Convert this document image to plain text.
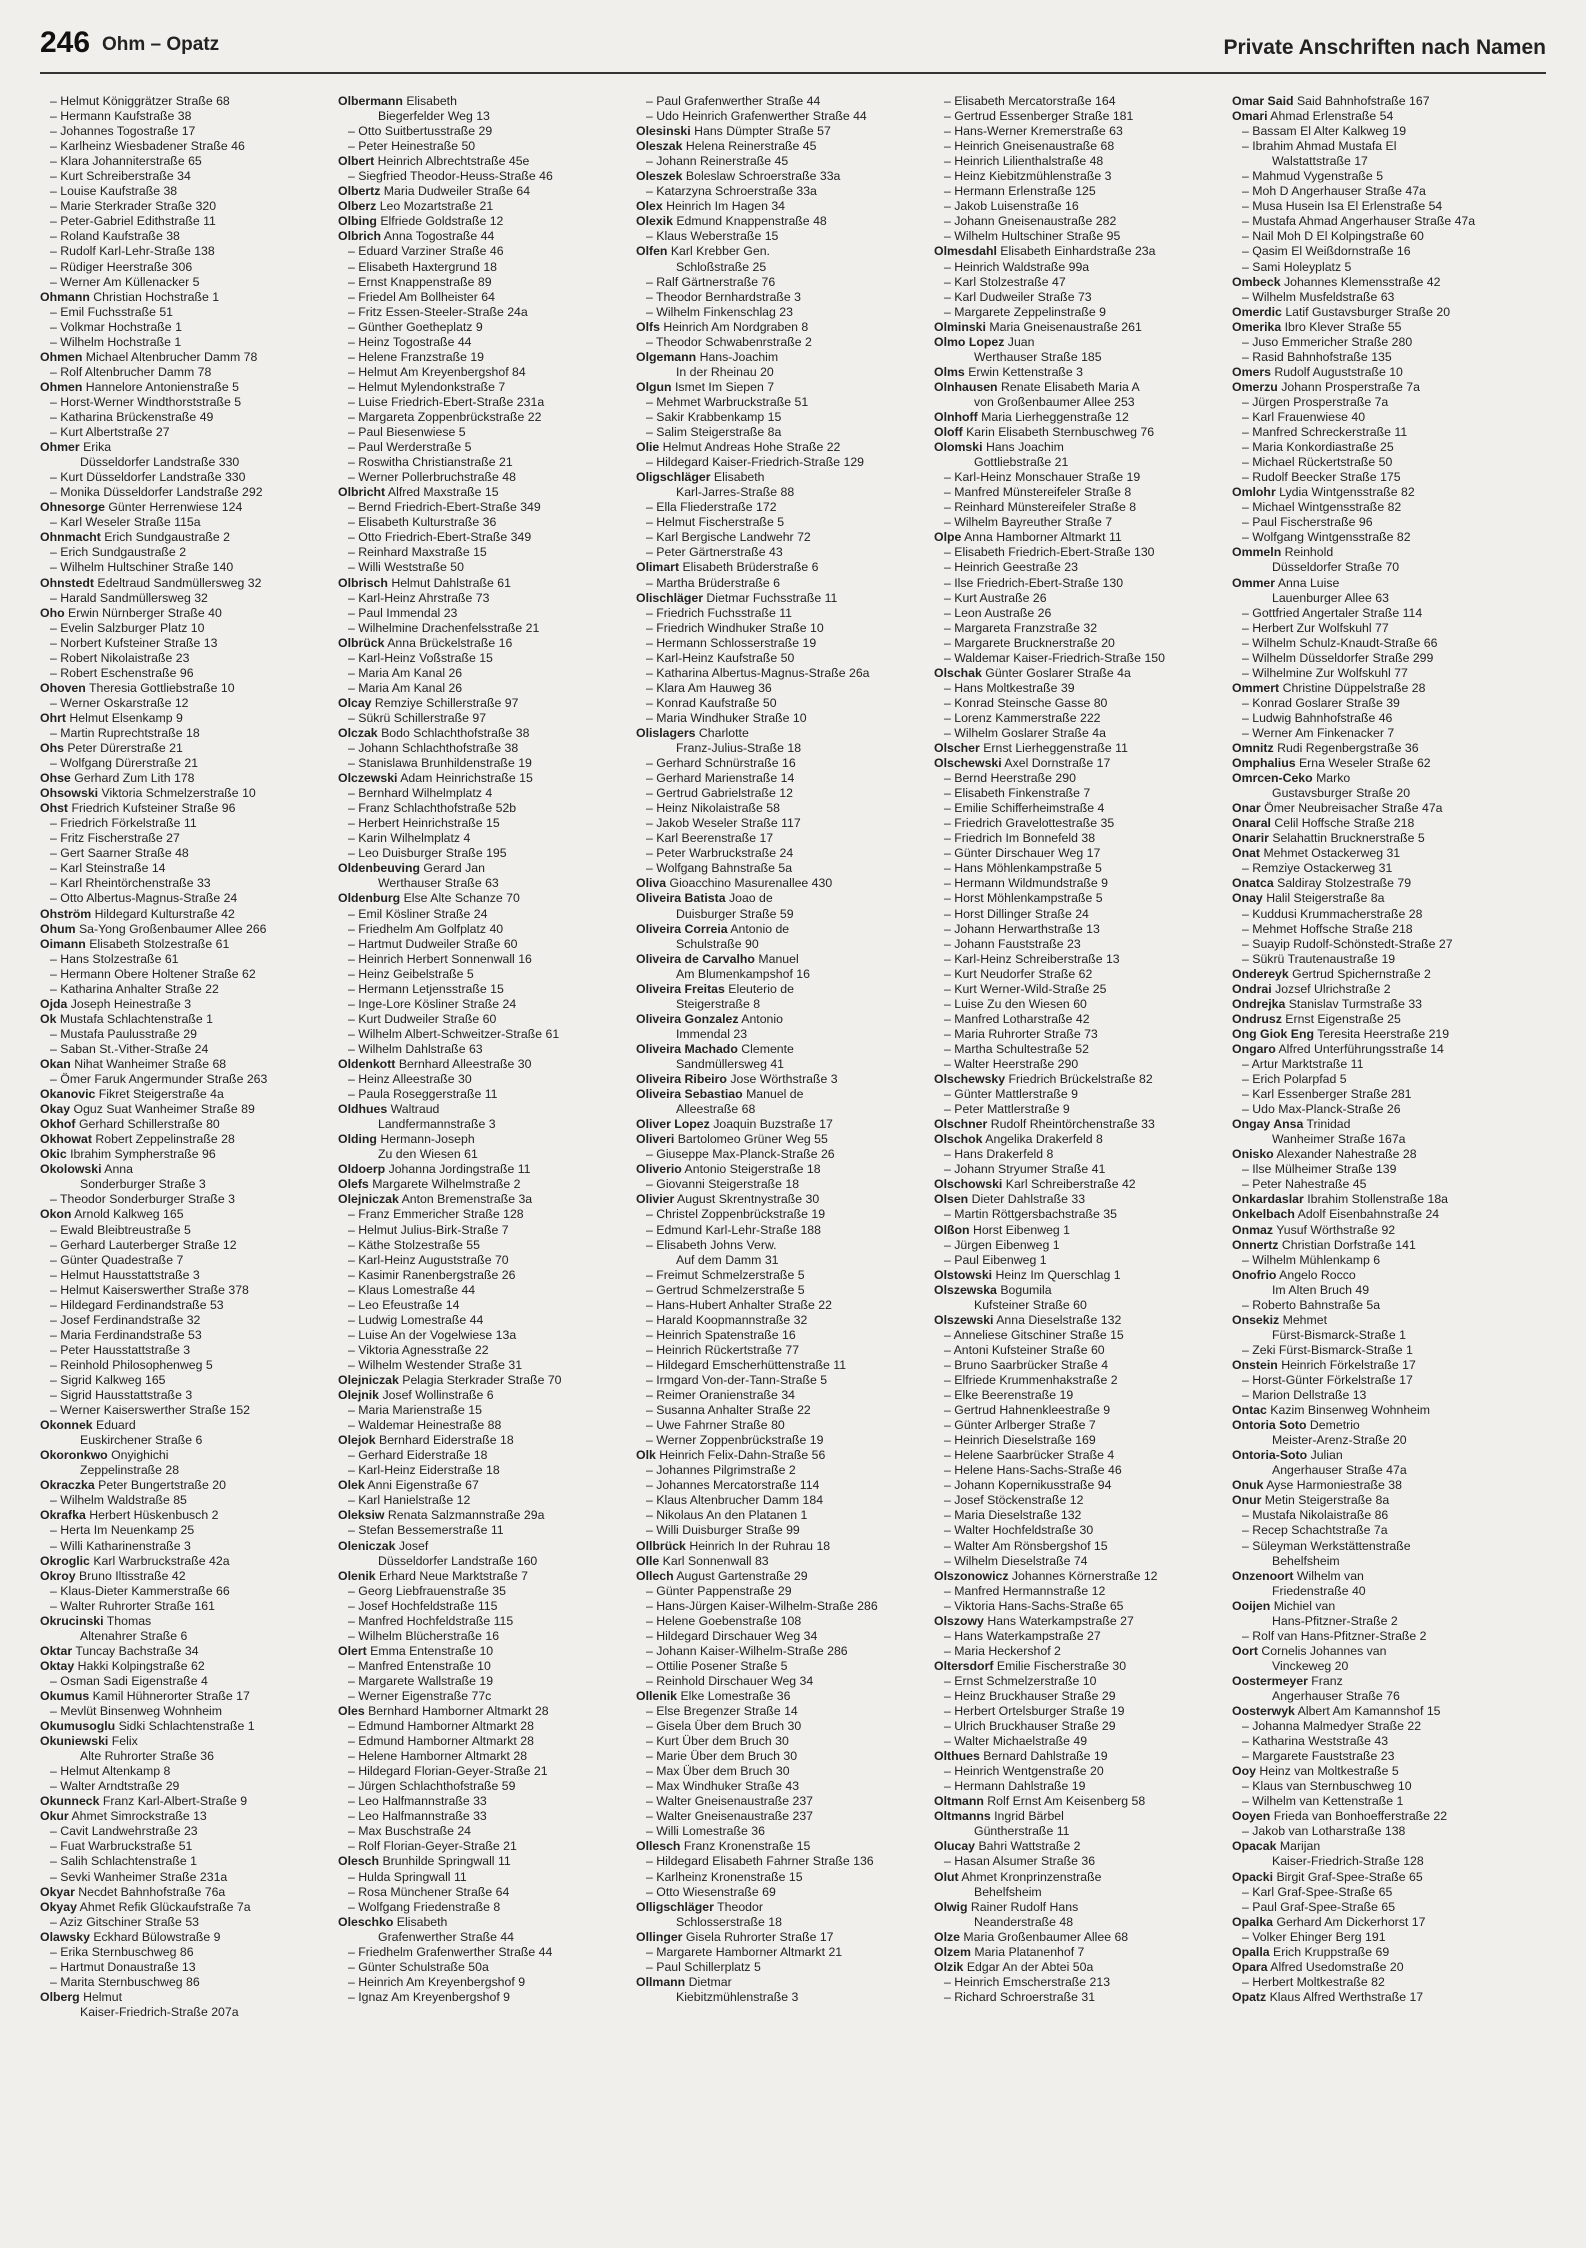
246 Ohm – Opatz	Private Anschriften nach Namen
– Helmut Königgrätzer Straße 68
– Hermann Kaufstraße 38
– Johannes Togostraße 17
– Karlheinz Wiesbadener Straße 46
– Klara Johanniterstraße 65
– Kurt Schreiberstraße 34
– Louise Kaufstraße 38
– Marie Sterkrader Straße 320
– Peter-Gabriel Edithstraße 11
– Roland Kaufstraße 38
– Rudolf Karl-Lehr-Straße 138
– Rüdiger Heerstraße 306
– Werner Am Küllenacker 5
Ohmann Christian Hochstraße 1
– Emil Fuchsstraße 51
– Volkmar Hochstraße 1
– Wilhelm Hochstraße 1
Ohmen Michael Altenbrucher Damm 78
– Rolf Altenbrucher Damm 78
Ohmen Hannelore Antonienstraße 5
– Horst-Werner Windthorststraße 5
– Katharina Brückenstraße 49
– Kurt Albertstraße 27
Ohmer Erika
Düsseldorfer Landstraße 330
– Kurt Düsseldorfer Landstraße 330
– Monika Düsseldorfer Landstraße 292
Ohnesorge Günter Herrenwiese 124
– Karl Weseler Straße 115a
Ohnmacht Erich Sundgaustraße 2
– Erich Sundgaustraße 2
– Wilhelm Hultschiner Straße 140
Ohnstedt Edeltraud Sandmüllersweg 32
– Harald Sandmüllersweg 32
Oho Erwin Nürnberger Straße 40
– Evelin Salzburger Platz 10
– Norbert Kufsteiner Straße 13
– Robert Nikolaistraße 23
– Robert Eschenstraße 96
Ohoven Theresia Gottliebstraße 10
– Werner Oskarstraße 12
Ohrt Helmut Elsenkamp 9
– Martin Ruprechtstraße 18
Ohs Peter Dürerstraße 21
– Wolfgang Dürerstraße 21
Ohse Gerhard Zum Lith 178
Ohsowski Viktoria Schmelzerstraße 10
Ohst Friedrich Kufsteiner Straße 96
– Friedrich Förkelstraße 11
– Fritz Fischerstraße 27
– Gert Saarner Straße 48
– Karl Steinstraße 14
– Karl Rheintörchenstraße 33
– Otto Albertus-Magnus-Straße 24
Ohström Hildegard Kulturstraße 42
Ohum Sa-Yong Großenbaumer Allee 266
Oimann Elisabeth Stolzestraße 61
– Hans Stolzestraße 61
– Hermann Obere Holtener Straße 62
– Katharina Anhalter Straße 22
Ojda Joseph Heinestraße 3
Ok Mustafa Schlachtenstraße 1
– Mustafa Paulusstraße 29
– Saban St.-Vither-Straße 24
Okan Nihat Wanheimer Straße 68
– Ömer Faruk Angermunder Straße 263
Okanovic Fikret Steigerstraße 4a
Okay Oguz Suat Wanheimer Straße 89
Okhof Gerhard Schillerstraße 80
Okhowat Robert Zeppelinstraße 28
Okic Ibrahim Sympherstraße 96
Okolowski Anna
Sonderburger Straße 3
– Theodor Sonderburger Straße 3
Okon Arnold Kalkweg 165
– Ewald Bleibtreustraße 5
– Gerhard Lauterberger Straße 12
– Günter Quadestraße 7
– Helmut Hausstattstraße 3
– Helmut Kaiserswerther Straße 378
– Hildegard Ferdinandstraße 53
– Josef Ferdinandstraße 32
– Maria Ferdinandstraße 53
– Peter Hausstattstraße 3
– Reinhold Philosophenweg 5
– Sigrid Kalkweg 165
– Sigrid Hausstattstraße 3
– Werner Kaiserswerther Straße 152
Okonnek Eduard
Euskirchener Straße 6
Okoronkwo Onyighichi
Zeppelinstraße 28
Okraczka Peter Bungertstraße 20
– Wilhelm Waldstraße 85
Okrafka Herbert Hüskenbusch 2
– Herta Im Neuenkamp 25
– Willi Katharinenstraße 3
Okroglic Karl Warbruckstraße 42a
Okroy Bruno Iltisstraße 42
– Klaus-Dieter Kammerstraße 66
– Walter Ruhrorter Straße 161
Okrucinski Thomas
Altenahrer Straße 6
Oktar Tuncay Bachstraße 34
Oktay Hakki Kolpingstraße 62
– Osman Sadi Eigenstraße 4
Okumus Kamil Hühnerorter Straße 17
– Mevlüt Binsenweg Wohnheim
Okumusoglu Sidki Schlachtenstraße 1
Okuniewski Felix
Alte Ruhrorter Straße 36
– Helmut Altenkamp 8
– Walter Arndtstraße 29
Okunneck Franz Karl-Albert-Straße 9
Okur Ahmet Simrockstraße 13
– Cavit Landwehrstraße 23
– Fuat Warbruckstraße 51
– Salih Schlachtenstraße 1
– Sevki Wanheimer Straße 231a
Okyar Necdet Bahnhofstraße 76a
Okyay Ahmet Refik Glückaufstraße 7a
– Aziz Gitschiner Straße 53
Olawsky Eckhard Bülowstraße 9
– Erika Sternbuschweg 86
– Hartmut Donaustraße 13
– Marita Sternbuschweg 86
Olberg Helmut
Kaiser-Friedrich-Straße 207a
Olbermann Elisabeth
Biegerfelder Weg 13
– Otto Suitbertusstraße 29
– Peter Heinestraße 50
Olbert Heinrich Albrechtstraße 45e
– Siegfried Theodor-Heuss-Straße 46
Olbertz Maria Dudweiler Straße 64
Olberz Leo Mozartstraße 21
Olbing Elfriede Goldstraße 12
Olbrich Anna Togostraße 44
– Eduard Varziner Straße 46
– Elisabeth Haxtergrund 18
– Ernst Knappenstraße 89
– Friedel Am Bollheister 64
– Fritz Essen-Steeler-Straße 24a
– Günther Goetheplatz 9
– Heinz Togostraße 44
– Helene Franzstraße 19
– Helmut Am Kreyenbergshof 84
– Helmut Mylendonkstraße 7
– Luise Friedrich-Ebert-Straße 231a
– Margareta Zoppenbrückstraße 22
– Paul Biesenwiese 5
– Paul Werderstraße 5
– Roswitha Christianstraße 21
– Werner Pollerbruchstraße 48
Olbricht Alfred Maxstraße 15
– Bernd Friedrich-Ebert-Straße 349
– Elisabeth Kulturstraße 36
– Otto Friedrich-Ebert-Straße 349
– Reinhard Maxstraße 15
– Willi Weststraße 50
Olbrisch Helmut Dahlstraße 61
– Karl-Heinz Ahrstraße 73
– Paul Immendal 23
– Wilhelmine Drachenfelsstraße 21
Olbrück Anna Brückelstraße 16
– Karl-Heinz Voßstraße 15
– Maria Am Kanal 26
– Maria Am Kanal 26
Olcay Remziye Schillerstraße 97
– Sükrü Schillerstraße 97
Olczak Bodo Schlachthofstraße 38
– Johann Schlachthofstraße 38
– Stanislawa Brunhildenstraße 19
Olczewski Adam Heinrichstraße 15
– Bernhard Wilhelmplatz 4
– Franz Schlachthofstraße 52b
– Herbert Heinrichstraße 15
– Karin Wilhelmplatz 4
– Leo Duisburger Straße 195
Oldenbeuving Gerard Jan
Werthauser Straße 63
Oldenburg Else Alte Schanze 70
– Emil Kösliner Straße 24
– Friedhelm Am Golfplatz 40
– Hartmut Dudweiler Straße 60
– Heinrich Herbert Sonnenwall 16
– Heinz Geibelstraße 5
– Hermann Letjensstraße 15
– Inge-Lore Kösliner Straße 24
– Kurt Dudweiler Straße 60
– Wilhelm Albert-Schweitzer-Straße 61
– Wilhelm Dahlstraße 63
Oldenkott Bernhard Alleestraße 30
– Heinz Alleestraße 30
– Paula Roseggerstraße 11
Oldhues Waltraud
Landfermannstraße 3
Olding Hermann-Joseph
Zu den Wiesen 61
Oldoerp Johanna Jordingstraße 11
Olefs Margarete Wilhelmstraße 2
Olejniczak Anton Bremenstraße 3a
– Franz Emmericher Straße 128
– Helmut Julius-Birk-Straße 7
– Käthe Stolzestraße 55
– Karl-Heinz Auguststraße 70
– Kasimir Ranenbergstraße 26
– Klaus Lomestraße 44
– Leo Efeustraße 14
– Ludwig Lomestraße 44
– Luise An der Vogelwiese 13a
– Viktoria Agnesstraße 22
– Wilhelm Westender Straße 31
Olejniczak Pelagia Sterkrader Straße 70
Olejnik Josef Wollinstraße 6
– Maria Marienstraße 15
– Waldemar Heinestraße 88
Olejok Bernhard Eiderstraße 18
– Gerhard Eiderstraße 18
– Karl-Heinz Eiderstraße 18
Olek Anni Eigenstraße 67
– Karl Hanielstraße 12
Oleksiw Renata Salzmannstraße 29a
– Stefan Bessemerstraße 11
Oleniczak Josef
Düsseldorfer Landstraße 160
Olenik Erhard Neue Marktstraße 7
– Georg Liebfrauenstraße 35
– Josef Hochfeldstraße 115
– Manfred Hochfeldstraße 115
– Wilhelm Blücherstraße 16
Olert Emma Entenstraße 10
– Manfred Entenstraße 10
– Margarete Wallstraße 19
– Werner Eigenstraße 77c
Oles Bernhard Hamborner Altmarkt 28
– Edmund Hamborner Altmarkt 28
– Edmund Hamborner Altmarkt 28
– Helene Hamborner Altmarkt 28
– Hildegard Florian-Geyer-Straße 21
– Jürgen Schlachthofstraße 59
– Leo Halfmannstraße 33
– Leo Halfmannstraße 33
– Max Buschstraße 24
– Rolf Florian-Geyer-Straße 21
Olesch Brunhilde Springwall 11
– Hulda Springwall 11
– Rosa Münchener Straße 64
– Wolfgang Friedenstraße 8
Oleschko Elisabeth
Grafenwerther Straße 44
– Friedhelm Grafenwerther Straße 44
– Günter Schulstraße 50a
– Heinrich Am Kreyenbergshof 9
– Ignaz Am Kreyenbergshof 9
– Paul Grafenwerther Straße 44
– Udo Heinrich Grafenwerther Straße 44
Olesinski Hans Dümpter Straße 57
Oleszak Helena Reinerstraße 45
– Johann Reinerstraße 45
Oleszek Boleslaw Schroerstraße 33a
– Katarzyna Schroerstraße 33a
Olex Heinrich Im Hagen 34
Olexik Edmund Knappenstraße 48
– Klaus Weberstraße 15
Olfen Karl Krebber Gen.
Schloßstraße 25
– Ralf Gärtnerstraße 76
– Theodor Bernhardstraße 3
– Wilhelm Finkenschlag 23
Olfs Heinrich Am Nordgraben 8
– Theodor Schwabenrstraße 2
Olgemann Hans-Joachim
In der Rheinau 20
Olgun Ismet Im Siepen 7
– Mehmet Warbruckstraße 51
– Sakir Krabbenkamp 15
– Salim Steigerstraße 8a
Olie Helmut Andreas Hohe Straße 22
– Hildegard Kaiser-Friedrich-Straße 129
Oligschläger Elisabeth
Karl-Jarres-Straße 88
– Ella Fliederstraße 172
– Helmut Fischerstraße 5
– Karl Bergische Landwehr 72
– Peter Gärtnerstraße 43
Olimart Elisabeth Brüderstraße 6
– Martha Brüderstraße 6
Olischläger Dietmar Fuchsstraße 11
– Friedrich Fuchsstraße 11
– Friedrich Windhuker Straße 10
– Hermann Schlosserstraße 19
– Karl-Heinz Kaufstraße 50
– Katharina Albertus-Magnus-Straße 26a
– Klara Am Hauweg 36
– Konrad Kaufstraße 50
– Maria Windhuker Straße 10
Olislagers Charlotte
Franz-Julius-Straße 18
– Gerhard Schnürstraße 16
– Gerhard Marienstraße 14
– Gertrud Gabrielstraße 12
– Heinz Nikolaistraße 58
– Jakob Weseler Straße 117
– Karl Beerenstraße 17
– Peter Warbruckstraße 24
– Wolfgang Bahnstraße 5a
Oliva Gioacchino Masurenallee 430
Oliveira Batista Joao de
Duisburger Straße 59
Oliveira Correia Antonio de
Schulstraße 90
Oliveira de Carvalho Manuel
Am Blumenkampshof 16
Oliveira Freitas Eleuterio de
Steigerstraße 8
Oliveira Gonzalez Antonio
Immendal 23
Oliveira Machado Clemente
Sandmüllersweg 41
Oliveira Ribeiro Jose Wörthstraße 3
Oliveira Sebastiao Manuel de
Alleestraße 68
Oliver Lopez Joaquin Buzstraße 17
Oliveri Bartolomeo Grüner Weg 55
– Giuseppe Max-Planck-Straße 26
Oliverio Antonio Steigerstraße 18
– Giovanni Steigerstraße 18
Olivier August Skrentnystraße 30
– Christel Zoppenbrückstraße 19
– Edmund Karl-Lehr-Straße 188
– Elisabeth Johns Verw.
Auf dem Damm 31
– Freimut Schmelzerstraße 5
– Gertrud Schmelzerstraße 5
– Hans-Hubert Anhalter Straße 22
– Harald Koopmannstraße 32
– Heinrich Spatenstraße 16
– Heinrich Rückertstraße 77
– Hildegard Emscherhüttenstraße 11
– Irmgard Von-der-Tann-Straße 5
– Reimer Oranienstraße 34
– Susanna Anhalter Straße 22
– Uwe Fahrner Straße 80
– Werner Zoppenbrückstraße 19
Olk Heinrich Felix-Dahn-Straße 56
– Johannes Pilgrimstraße 2
– Johannes Mercatorstraße 114
– Klaus Altenbrucher Damm 184
– Nikolaus An den Platanen 1
– Willi Duisburger Straße 99
Ollbrück Heinrich In der Ruhrau 18
Olle Karl Sonnenwall 83
Ollech August Gartenstraße 29
– Günter Pappenstraße 29
– Hans-Jürgen Kaiser-Wilhelm-Straße 286
– Helene Goebenstraße 108
– Hildegard Dirschauer Weg 34
– Johann Kaiser-Wilhelm-Straße 286
– Ottilie Posener Straße 5
– Reinhold Dirschauer Weg 34
Ollenik Elke Lomestraße 36
– Else Bregenzer Straße 14
– Gisela Über dem Bruch 30
– Kurt Über dem Bruch 30
– Marie Über dem Bruch 30
– Max Über dem Bruch 30
– Max Windhuker Straße 43
– Walter Gneisenaustraße 237
– Walter Gneisenaustraße 237
– Willi Lomestraße 36
Ollesch Franz Kronenstraße 15
– Hildegard Elisabeth Fahrner Straße 136
– Karlheinz Kronenstraße 15
– Otto Wiesenstraße 69
Olligschläger Theodor
Schlosserstraße 18
Ollinger Gisela Ruhrorter Straße 17
– Margarete Hamborner Altmarkt 21
– Paul Schillerplatz 5
Ollmann Dietmar
Kiebitzmühlenstraße 3
– Elisabeth Mercatorstraße 164
– Gertrud Essenberger Straße 181
– Hans-Werner Kremerstraße 63
– Heinrich Gneisenaustraße 68
– Heinrich Lilienthalstraße 48
– Heinz Kiebitzmühlenstraße 3
– Hermann Erlenstraße 125
– Jakob Luisenstraße 16
– Johann Gneisenaustraße 282
– Wilhelm Hultschiner Straße 95
Olmesdahl Elisabeth Einhardstraße 23a
– Heinrich Waldstraße 99a
– Karl Stolzestraße 47
– Karl Dudweiler Straße 73
– Margarete Zeppelinstraße 9
Olminski Maria Gneisenaustraße 261
Olmo Lopez Juan
Werthauser Straße 185
Olms Erwin Kettenstraße 3
Olnhausen Renate Elisabeth Maria A
von Großenbaumer Allee 253
Olnhoff Maria Lierheggenstraße 12
Oloff Karin Elisabeth Sternbuschweg 76
Olomski Hans Joachim
Gottliebstraße 21
– Karl-Heinz Monschauer Straße 19
– Manfred Münstereifeler Straße 8
– Reinhard Münstereifeler Straße 8
– Wilhelm Bayreuther Straße 7
Olpe Anna Hamborner Altmarkt 11
– Elisabeth Friedrich-Ebert-Straße 130
– Heinrich Geestraße 23
– Ilse Friedrich-Ebert-Straße 130
– Kurt Austraße 26
– Leon Austraße 26
– Margareta Franzstraße 32
– Margarete Brucknerstraße 20
– Waldemar Kaiser-Friedrich-Straße 150
Olschak Günter Goslarer Straße 4a
– Hans Moltkestraße 39
– Konrad Steinsche Gasse 80
– Lorenz Kammerstraße 222
– Wilhelm Goslarer Straße 4a
Olscher Ernst Lierheggenstraße 11
Olschewski Axel Dornstraße 17
– Bernd Heerstraße 290
– Elisabeth Finkenstraße 7
– Emilie Schifferheimstraße 4
– Friedrich Gravelottestraße 35
– Friedrich Im Bonnefeld 38
– Günter Dirschauer Weg 17
– Hans Möhlenkampstraße 5
– Hermann Wildmundstraße 9
– Horst Möhlenkampstraße 5
– Horst Dillinger Straße 24
– Johann Herwarthstraße 13
– Johann Fauststraße 23
– Karl-Heinz Schreiberstraße 13
– Kurt Neudorfer Straße 62
– Kurt Werner-Wild-Straße 25
– Luise Zu den Wiesen 60
– Manfred Lotharstraße 42
– Maria Ruhrorter Straße 73
– Martha Schultestraße 52
– Walter Heerstraße 290
Olschewsky Friedrich Brückelstraße 82
– Günter Mattlerstraße 9
– Peter Mattlerstraße 9
Olschner Rudolf Rheintörchenstraße 33
Olschok Angelika Drakerfeld 8
– Hans Drakerfeld 8
– Johann Stryumer Straße 41
Olschowski Karl Schreiberstraße 42
Olsen Dieter Dahlstraße 33
– Martin Röttgersbachstraße 35
Olßon Horst Eibenweg 1
– Jürgen Eibenweg 1
– Paul Eibenweg 1
Olstowski Heinz Im Querschlag 1
Olszewska Bogumila
Kufsteiner Straße 60
Olszewski Anna Dieselstraße 132
– Anneliese Gitschiner Straße 15
– Antoni Kufsteiner Straße 60
– Bruno Saarbrücker Straße 4
– Elfriede Krummenhakstraße 2
– Elke Beerenstraße 19
– Gertrud Hahnenkleestraße 9
– Günter Arlberger Straße 7
– Heinrich Dieselstraße 169
– Helene Saarbrücker Straße 4
– Helene Hans-Sachs-Straße 46
– Johann Kopernikusstraße 94
– Josef Stöckenstraße 12
– Maria Dieselstraße 132
– Walter Hochfeldstraße 30
– Walter Am Rönsbergshof 15
– Wilhelm Dieselstraße 74
Olszonowicz Johannes Körnerstraße 12
– Manfred Hermannstraße 12
– Viktoria Hans-Sachs-Straße 65
Olszowy Hans Waterkampstraße 27
– Hans Waterkampstraße 27
– Maria Heckershof 2
Oltersdorf Emilie Fischerstraße 30
– Ernst Schmelzerstraße 10
– Heinz Bruckhauser Straße 29
– Herbert Ortelsburger Straße 19
– Ulrich Bruckhauser Straße 29
– Walter Michaelstraße 49
Olthues Bernard Dahlstraße 19
– Heinrich Wentgenstraße 20
– Hermann Dahlstraße 19
Oltmann Rolf Ernst Am Keisenberg 58
Oltmanns Ingrid Bärbel
Güntherstraße 11
Olucay Bahri Wattstraße 2
– Hasan Alsumer Straße 36
Olut Ahmet Kronprinzenstraße
Behelfsheim
Olwig Rainer Rudolf Hans
Neanderstraße 48
Olze Maria Großenbaumer Allee 68
Olzem Maria Platanenhof 7
Olzik Edgar An der Abtei 50a
– Heinrich Emscherstraße 213
– Richard Schroerstraße 31
Omar Said Said Bahnhofstraße 167
Omari Ahmad Erlenstraße 54
– Bassam El Alter Kalkweg 19
– Ibrahim Ahmad Mustafa El
Walstattstraße 17
– Mahmud Vygenstraße 5
– Moh D Angerhauser Straße 47a
– Musa Husein Isa El Erlenstraße 54
– Mustafa Ahmad Angerhauser Straße 47a
– Nail Moh D El Kolpingstraße 60
– Qasim El Weißdornstraße 16
– Sami Holeyplatz 5
Ombeck Johannes Klemensstraße 42
– Wilhelm Musfeldstraße 63
Omerdic Latif Gustavsburger Straße 20
Omerika Ibro Klever Straße 55
– Juso Emmericher Straße 280
– Rasid Bahnhofstraße 135
Omers Rudolf Auguststraße 10
Omerzu Johann Prosperstraße 7a
– Jürgen Prosperstraße 7a
– Karl Frauenwiese 40
– Manfred Schreckerstraße 11
– Maria Konkordiastraße 25
– Michael Rückertstraße 50
– Rudolf Beecker Straße 175
Omlohr Lydia Wintgensstraße 82
– Michael Wintgensstraße 82
– Paul Fischerstraße 96
– Wolfgang Wintgensstraße 82
Ommeln Reinhold
Düsseldorfer Straße 70
Ommer Anna Luise
Lauenburger Allee 63
– Gottfried Angertaler Straße 114
– Herbert Zur Wolfskuhl 77
– Wilhelm Schulz-Knaudt-Straße 66
– Wilhelm Düsseldorfer Straße 299
– Wilhelmine Zur Wolfskuhl 77
Ommert Christine Düppelstraße 28
– Konrad Goslarer Straße 39
– Ludwig Bahnhofstraße 46
– Werner Am Finkenacker 7
Omnitz Rudi Regenbergstraße 36
Omphalius Erna Weseler Straße 62
Omrcen-Ceko Marko
Gustavsburger Straße 20
Onar Ömer Neubreisacher Straße 47a
Onaral Celil Hoffsche Straße 218
Onarir Selahattin Brucknerstraße 5
Onat Mehmet Ostackerweg 31
– Remziye Ostackerweg 31
Onatca Saldiray Stolzestraße 79
Onay Halil Steigerstraße 8a
– Kuddusi Krummacherstraße 28
– Mehmet Hoffsche Straße 218
– Suayip Rudolf-Schönstedt-Straße 27
– Sükrü Trautenaustraße 19
Ondereyk Gertrud Spichernstraße 2
Ondrai Jozsef Ulrichstraße 2
Ondrejka Stanislav Turmstraße 33
Ondrusz Ernst Eigenstraße 25
Ong Giok Eng Teresita Heerstraße 219
Ongaro Alfred Unterführungsstraße 14
– Artur Marktstraße 11
– Erich Polarpfad 5
– Karl Essenberger Straße 281
– Udo Max-Planck-Straße 26
Ongay Ansa Trinidad
Wanheimer Straße 167a
Onisko Alexander Nahestraße 28
– Ilse Mülheimer Straße 139
– Peter Nahestraße 45
Onkardaslar Ibrahim Stollenstraße 18a
Onkelbach Adolf Eisenbahnstraße 24
Onmaz Yusuf Wörthstraße 92
Onnertz Christian Dorfstraße 141
– Wilhelm Mühlenkamp 6
Onofrio Angelo Rocco
Im Alten Bruch 49
– Roberto Bahnstraße 5a
Onsekiz Mehmet
Fürst-Bismarck-Straße 1
– Zeki Fürst-Bismarck-Straße 1
Onstein Heinrich Förkelstraße 17
– Horst-Günter Förkelstraße 17
– Marion Dellstraße 13
Ontac Kazim Binsenweg Wohnheim
Ontoria Soto Demetrio
Meister-Arenz-Straße 20
Ontoria-Soto Julian
Angerhauser Straße 47a
Onuk Ayse Harmoniestraße 38
Onur Metin Steigerstraße 8a
– Mustafa Nikolaistraße 86
– Recep Schachtstraße 7a
– Süleyman Werkstättenstraße
Behelfsheim
Onzenoort Wilhelm van
Friedenstraße 40
Ooijen Michiel van
Hans-Pfitzner-Straße 2
– Rolf van Hans-Pfitzner-Straße 2
Oort Cornelis Johannes van
Vinckeweg 20
Oostermeyer Franz
Angerhauser Straße 76
Oosterwyk Albert Am Kamannshof 15
– Johanna Malmedyer Straße 22
– Katharina Weststraße 43
– Margarete Fauststraße 23
Ooy Heinz van Moltkestraße 5
– Klaus van Sternbuschweg 10
– Wilhelm van Kettenstraße 1
Ooyen Frieda van Bonhoefferstraße 22
– Jakob van Lotharstraße 138
Opacak Marijan
Kaiser-Friedrich-Straße 128
Opacki Birgit Graf-Spee-Straße 65
– Karl Graf-Spee-Straße 65
– Paul Graf-Spee-Straße 65
Opalka Gerhard Am Dickerhorst 17
– Volker Ehinger Berg 191
Opalla Erich Kruppstraße 69
Opara Alfred Usedomstraße 20
– Herbert Moltkestraße 82
Opatz Klaus Alfred Werthstraße 17
